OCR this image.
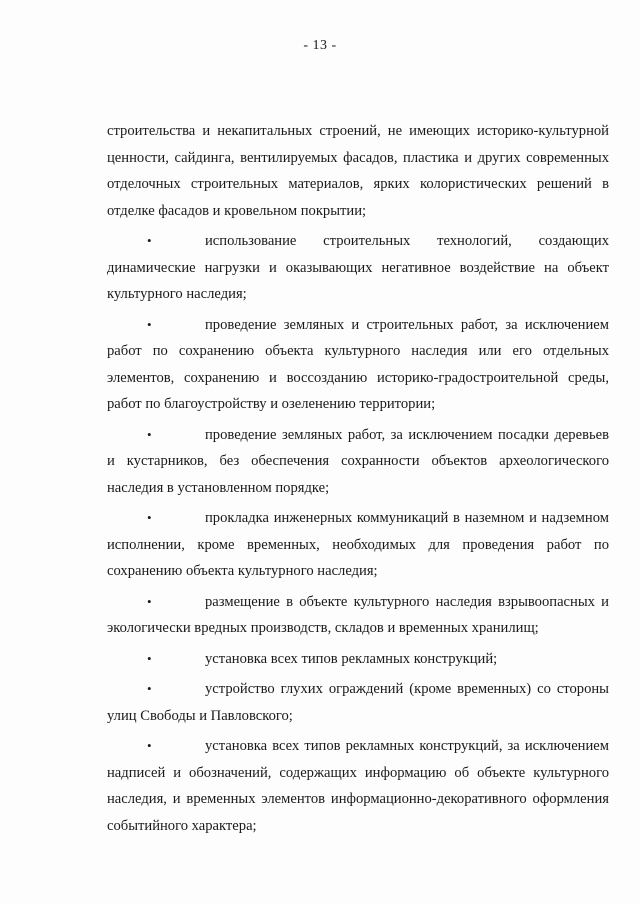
- 13 -

строительства и некапитальных строений, не имеющих историко-культурной ценности, сайдинга, вентилируемых фасадов, пластика и других современных отделочных строительных материалов, ярких колористических решений в отделке фасадов и кровельном покрытии;

•	использование строительных технологий, создающих динамические нагрузки и оказывающих негативное воздействие на объект культурного наследия;

•	проведение земляных и строительных работ, за исключением работ по сохранению объекта культурного наследия или его отдельных элементов, сохранению и воссозданию историко-градостроительной среды, работ по благоустройству и озеленению территории;

•	проведение земляных работ, за исключением посадки деревьев и кустарников, без обеспечения сохранности объектов археологического наследия в установленном порядке;

•	прокладка инженерных коммуникаций в наземном и надземном исполнении, кроме временных, необходимых для проведения работ по сохранению объекта культурного наследия;

•	размещение в объекте культурного наследия взрывоопасных и экологически вредных производств, складов и временных хранилищ;

•	установка всех типов рекламных конструкций;

•	устройство глухих ограждений (кроме временных) со стороны улиц Свободы и Павловского;

•	установка всех типов рекламных конструкций, за исключением надписей и обозначений, содержащих информацию об объекте культурного наследия, и временных элементов информационно-декоративного оформления событийного характера;
